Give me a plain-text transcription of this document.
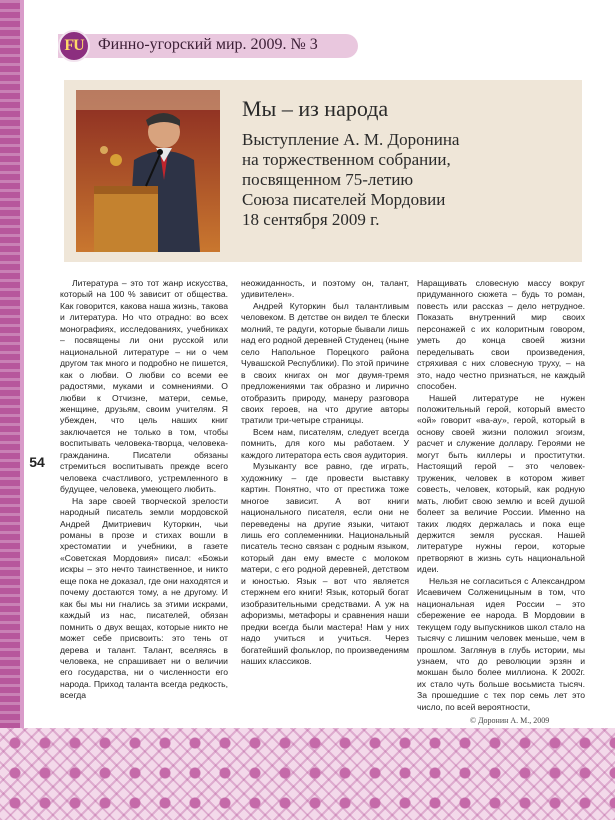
54
FU Финно-угорский мир. 2009. № 3
Мы – из народа
Выступление А. М. Доронина
на торжественном собрании,
посвященном 75-летию
Союза писателей Мордовии
18 сентября 2009 г.

Литература – это тот жанр искусства, который на 100 % зависит от общества. Как говорится, какова наша жизнь, такова и литература. Но что отрадно: во всех монографиях, исследованиях, учебниках – посвящены ли они русской или национальной литературе – ни о чем другом так много и подробно не пишется, как о любви. О любви со всеми ее радостями, муками и сомнениями. О любви к Отчизне, матери, семье, женщине, друзьям, своим учителям. Я убежден, что цель наших книг заключается не только в том, чтобы воспитывать человека-творца, человека-гражданина. Писатели обязаны стремиться воспитывать прежде всего человека счастливого, устремленного в будущее, человека, умеющего любить.

На заре своей творческой зрелости народный писатель земли мордовской Андрей Дмитриевич Куторкин, чьи романы в прозе и стихах вошли в хрестоматии и учебники, в газете «Советская Мордовия» писал: «Божьи искры – это нечто таинственное, и никто еще пока не доказал, где они находятся и почему достаются тому, а не другому. И как бы мы ни гнались за этими искрами, каждый из нас, писателей, обязан помнить о двух вещах, которые никто не может себе присвоить: это тень от дерева и талант. Талант, вселяясь в человека, не спрашивает ни о величии его государства, ни о численности его народа. Приход таланта всегда редкость, всегда

неожиданность, и поэтому он, талант, удивителен».

Андрей Куторкин был талантливым человеком. В детстве он видел те блески молний, те радуги, которые бывали лишь над его родной деревней Студенец (ныне село Напольное Порецкого района Чувашской Республики). По этой причине в своих книгах он мог двумя-тремя предложениями так образно и лирично отобразить природу, манеру разговора своих героев, на что другие авторы тратили три-четыре страницы.

Всем нам, писателям, следует всегда помнить, для кого мы работаем. У каждого литератора есть своя аудитория.

Музыканту все равно, где играть, художнику – где провести выставку картин. Понятно, что от престижа тоже многое зависит. А вот книги национального писателя, если они не переведены на другие языки, читают лишь его соплеменники. Национальный писатель тесно связан с родным языком, который дан ему вместе с молоком матери, с его родной деревней, детством и юностью. Язык – вот что является стержнем его книги! Язык, который богат изобразительными средствами. А уж на афоризмы, метафоры и сравнения наши предки всегда были мастера! Нам у них надо учиться и учиться. Через богатейший фольклор, по произведениям наших классиков.

Наращивать словесную массу вокруг придуманного сюжета – будь то роман, повесть или рассказ – дело нетрудное. Показать внутренний мир своих персонажей с их колоритным говором, уметь до конца своей жизни переделывать свои произведения, стряхивая с них словесную труху, – на это, надо честно признаться, не каждый способен.

Нашей литературе не нужен положительный герой, который вместо «ой» говорит «ва-ау», герой, который в основу своей жизни положил эгоизм, расчет и служение доллару. Героями не могут быть киллеры и проститутки. Настоящий герой – это человек-труженик, человек в котором живет совесть, человек, который, как родную мать, любит свою землю и всей душой болеет за величие России. Именно на таких людях держалась и пока еще держится земля русская. Нашей литературе нужны герои, которые претворяют в жизнь суть национальной идеи.

Нельзя не согласиться с Александром Исаевичем Солженицыным в том, что национальная идея России – это сбережение ее народа. В Мордовии в текущем году выпускников школ стало на тысячу с лишним человек меньше, чем в прошлом. Заглянув в глубь истории, мы узнаем, что до революции эрзян и мокшан было более миллиона. К 2002г. их стало чуть больше восьмиста тысяч. За прошедшие с тех пор семь лет это число, по всей вероятности,

© Доронин А. М., 2009
